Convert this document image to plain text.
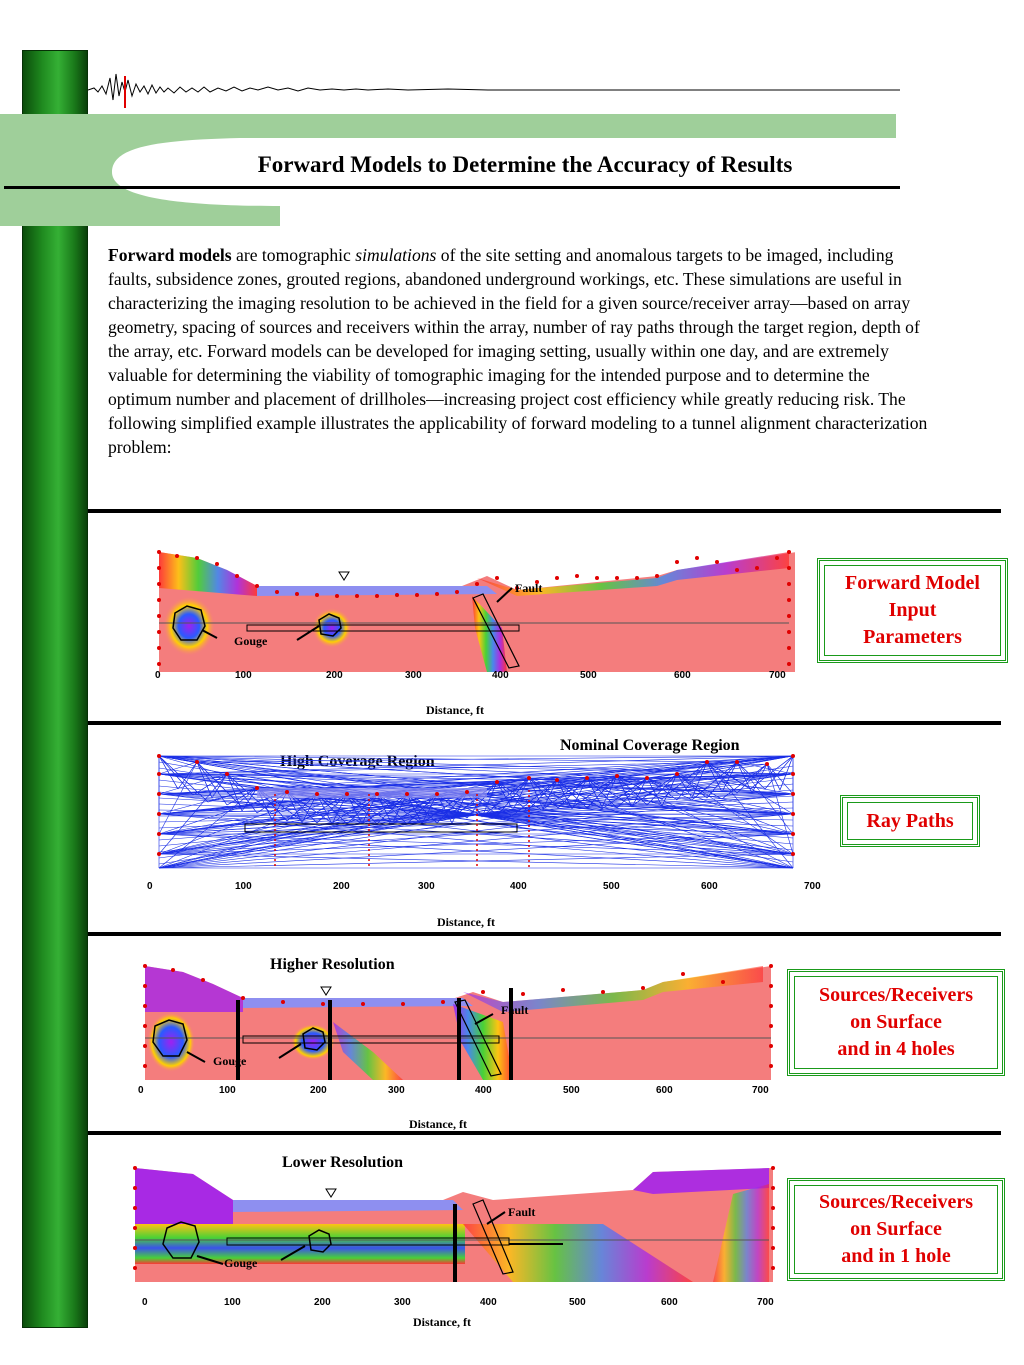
Forward Models to Determine the Accuracy of Results
Forward models are tomographic simulations of the site setting and anomalous targets to be imaged, including faults, subsidence zones, grouted regions, abandoned underground workings, etc. These simulations are useful in characterizing the imaging resolution to be achieved in the field for a given source/receiver array—based on array geometry, spacing of sources and receivers within the array, number of ray paths through the target region, depth of the array, etc. Forward models can be developed for imaging setting, usually within one day, and are extremely valuable for determining the viability of tomographic imaging for the intended purpose and to determine the optimum number and placement of drillholes—increasing project cost efficiency while greatly reducing risk. The following simplified example illustrates the applicability of forward modeling to a tunnel alignment characterization problem:
Fault
Gouge
0	100	200	300	400	500	600	700
Distance, ft
Forward Model
Input
Parameters
Nominal Coverage Region
High Coverage Region
0	100	200	300	400	500	600	700
Distance, ft
Ray Paths
Higher Resolution
Fault
Gouge
0	100	200	300	400	500	600	700
Distance, ft
Sources/Receivers
on Surface
and in 4 holes
Lower Resolution
Fault
Gouge
0	100	200	300	400	500	600	700
Distance, ft
Sources/Receivers
on Surface
and in 1 hole
